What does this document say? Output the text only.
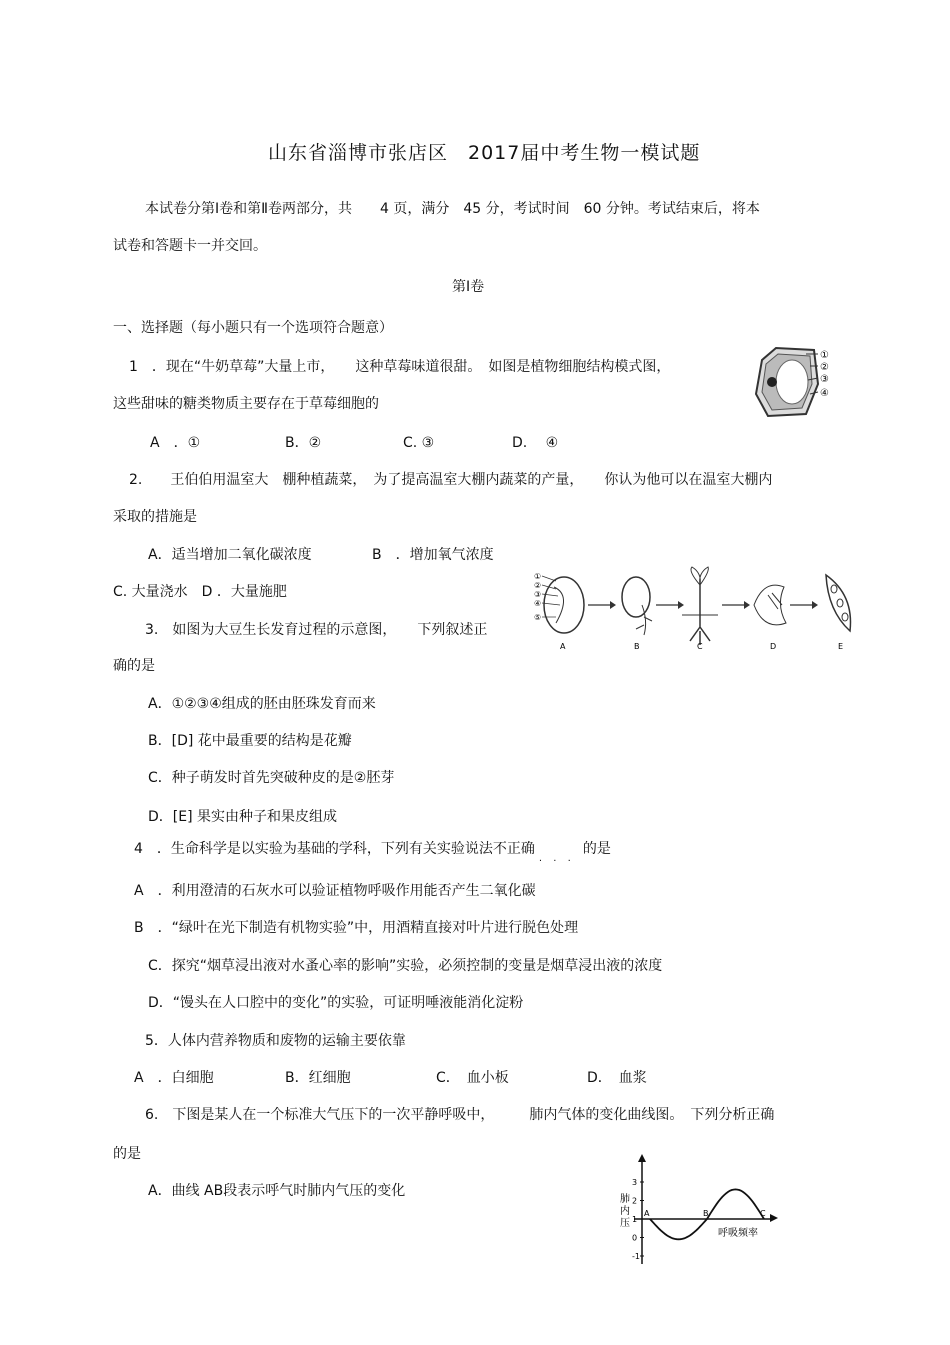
山东省淄博市张店区　2017届中考生物一模试题
本试卷分第Ⅰ卷和第Ⅱ卷两部分，共　　4 页，满分　45 分，考试时间　60 分钟。考试结束后，将本
试卷和答题卡一并交回。
第Ⅰ卷
一、选择题（每小题只有一个选项符合题意）
1　．现在“牛奶草莓”大量上市，　　这种草莓味道很甜。　如图是植物细胞结构模式图，
这些甜味的糖类物质主要存在于草莓细胞的
A　．①	B．②	C. ③	D.　 ④
①
②
③
④
2.　　王伯伯用温室大　棚种植蔬菜，　为了提高温室大棚内蔬菜的产量，　　你认为他可以在温室大棚内
采取的措施是
A．适当增加二氧化碳浓度	B　．增加氧气浓度
C. 大量浇水　D ．大量施肥
①
②
③
④
⑤
A	B	C	D	E
3.　如图为大豆生长发育过程的示意图，　　下列叙述正
确的是
A．①②③④组成的胚由胚珠发育而来
B．[D] 花中最重要的结构是花瓣
C．种子萌发时首先突破种皮的是②胚芽
D．[E] 果实由种子和果皮组成
4　．生命科学是以实验为基础的学科，下列有关实验说法不正确. . .的是
A　．利用澄清的石灰水可以验证植物呼吸作用能否产生二氧化碳
B　．“绿叶在光下制造有机物实验”中，用酒精直接对叶片进行脱色处理
C．探究“烟草浸出液对水蚤心率的影响”实验，必须控制的变量是烟草浸出液的浓度
D．“馒头在人口腔中的变化”的实验，可证明唾液能消化淀粉
5．人体内营养物质和废物的运输主要依靠
A　．白细胞	B．红细胞	C．　血小板	D．　血浆
6.　下图是某人在一个标准大气压下的一次平静呼吸中，　　　肺内气体的变化曲线图。　下列分析正确
的是
A．曲线 AB段表示呼气时肺内气压的变化
3
2
1
0
-1
肺
内
压
A	B	C
呼吸频率
